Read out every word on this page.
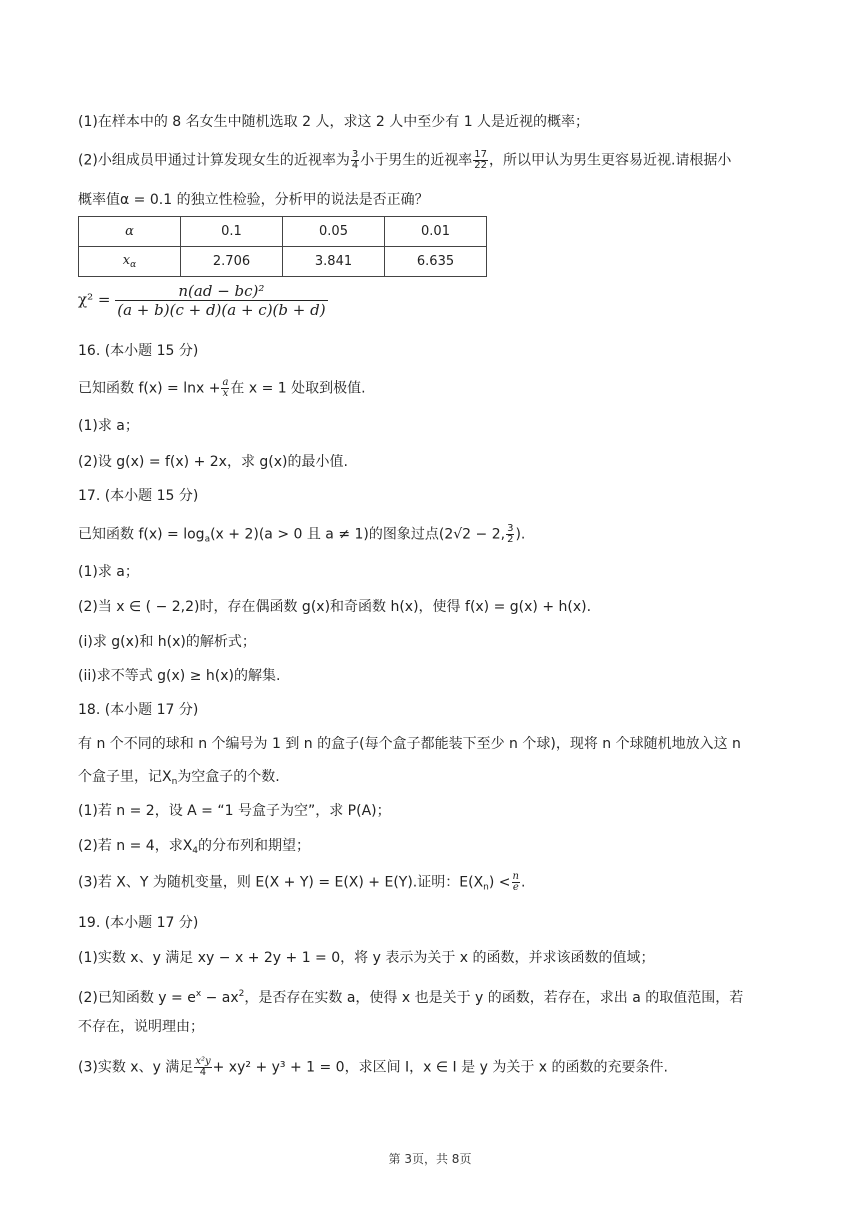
(1)在样本中的 8 名女生中随机选取 2 人，求这 2 人中至少有 1 人是近视的概率；
(2)小组成员甲通过计算发现女生的近视率为 $\frac{3}{4}$ 小于男生的近视率 $\frac{17}{22}$ ，所以甲认为男生更容易近视.请根据小
概率值α = 0.1 的独立性检验，分析甲的说法是否正确？
α	0.1	0.05	0.01
$x_\alpha$	2.706	3.841	6.635
$\chi^2 = \frac{\text{n(ad − bc)²}}{(a + b)(c + d)(a + c)(b + d)}$
16. (本小题 15 分)
已知函数 $f(x) = \ln x + \frac{a}{x}$ 在 x = 1 处取到极值.
(1)求 a；
(2)设 g(x) = f(x) + 2x，求 g(x)的最小值.
17. (本小题 15 分)
已知函数 $f(x) = \log_a(x + 2)(a > 0$ 且 a ≠ 1)的图象过点(2√2 − 2, $\frac{3}{2}$ ).
(1)求 a；
(2)当 x ∈ ( − 2,2)时，存在偶函数 g(x)和奇函数 h(x)，使得 f(x) = g(x) + h(x).
(i)求 g(x)和 h(x)的解析式；
(ii)求不等式 g(x) ≥ h(x)的解集.
18. (本小题 17 分)
有 n 个不同的球和 n 个编号为 1 到 n 的盒子(每个盒子都能装下至少 n 个球)，现将 n 个球随机地放入这 n
个盒子里，记$X_n$为空盒子的个数.
(1)若 n = 2，设 A = “1 号盒子为空”，求 P(A)；
(2)若 n = 4，求$X_4$的分布列和期望；
(3)若 X、Y 为随机变量，则 E(X + Y) = E(X) + E(Y).证明：$E(X_n) < \frac{n}{e}$ .
19. (本小题 17 分)
(1)实数 x、y 满足 xy − x + 2y + 1 = 0，将 y 表示为关于 x 的函数，并求该函数的值域；
(2)已知函数 $y = e^x - ax^2$，是否存在实数 a，使得 x 也是关于 y 的函数，若存在，求出 a 的取值范围，若
不存在，说明理由；
(3)实数 x、y 满足 $\frac{\text{x²y}}{4} + xy^2 + y^3 + 1 = 0$，求区间 I，x ∈ I 是 y 为关于 x 的函数的充要条件.
第 3页，共 8页
